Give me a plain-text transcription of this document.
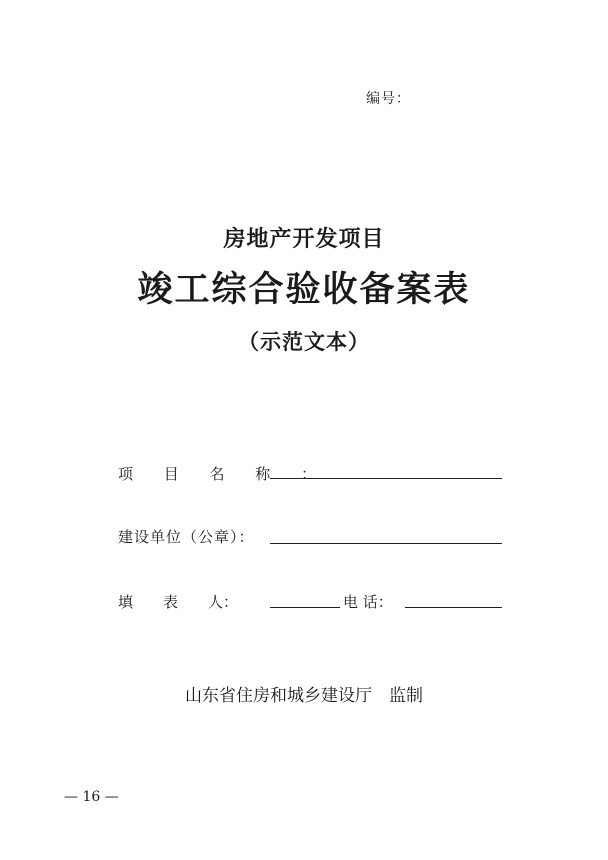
编号：
房地产开发项目
竣工综合验收备案表
（示范文本）
项 目 名 称 ：
建设单位（公章）：
填　　表　　人：	电 话：
山东省住房和城乡建设厅　监制
— 16 —
